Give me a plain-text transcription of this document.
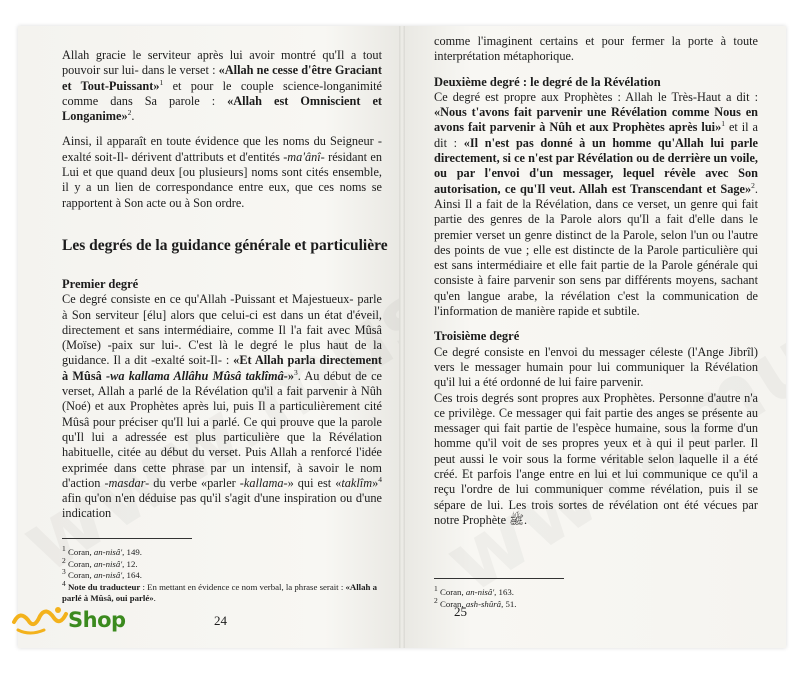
Allah gracie le serviteur après lui avoir montré qu'Il a tout pouvoir sur lui- dans le verset : «Allah ne cesse d'être Graciant et Tout-Puissant»$^1$ et pour le couple science-longanimité comme dans Sa parole : «Allah est Omniscient et Longanime»$^2$.

Ainsi, il apparaît en toute évidence que les noms du Seigneur -exalté soit-Il- dérivent d'attributs et d'entités -ma'ânî- résidant en Lui et que quand deux [ou plusieurs] noms sont cités ensemble, il y a un lien de correspondance entre eux, que ces noms se rapportent à Son acte ou à Son ordre.

Les degrés de la guidance générale et particulière
Premier degré

Ce degré consiste en ce qu'Allah -Puissant et Majestueux- parle à Son serviteur [élu] alors que celui-ci est dans un état d'éveil, directement et sans intermédiaire, comme Il l'a fait avec Mûsâ (Moïse) -paix sur lui-. C'est là le degré le plus haut de la guidance. Il a dit -exalté soit-Il- : «Et Allah parla directement à Mûsâ -wa kallama Allâhu Mûsâ taklîmâ-»$^3$. Au début de ce verset, Allah a parlé de la Révélation qu'il a fait parvenir à Nûh (Noé) et aux Prophètes après lui, puis Il a particulièrement cité Mûsâ pour préciser qu'Il lui a parlé. Ce qui prouve que la parole qu'Il lui a adressée est plus particulière que la Révélation habituelle, citée au début du verset. Puis Allah a renforcé l'idée exprimée dans cette phrase par un intensif, à savoir le nom d'action -masdar- du verbe «parler -kallama-» qui est «taklîm»$^4$ afin qu'on n'en déduise pas qu'il s'agit d'une inspiration ou d'une indication

$^1$ Coran, an-nisâ', 149.
$^2$ Coran, an-nisâ', 12.
$^3$ Coran, an-nisâ', 164.
$^4$ Note du traducteur : En mettant en évidence ce nom verbal, la phrase serait : «Allah a parlé à Mûsâ, oui parlé».
24

comme l'imaginent certains et pour fermer la porte à toute interprétation métaphorique.

Deuxième degré : le degré de la Révélation

Ce degré est propre aux Prophètes : Allah le Très-Haut a dit : «Nous t'avons fait parvenir une Révélation comme Nous en avons fait parvenir à Nûh et aux Prophètes après lui»$^1$ et il a dit : «Il n'est pas donné à un homme qu'Allah lui parle directement, si ce n'est par Révélation ou de derrière un voile, ou par l'envoi d'un messager, lequel révèle avec Son autorisation, ce qu'Il veut. Allah est Transcendant et Sage»$^2$. Ainsi Il a fait de la Révélation, dans ce verset, un genre qui fait partie des genres de la Parole alors qu'Il a fait d'elle dans le premier verset un genre distinct de la Parole, selon l'un ou l'autre des points de vue ; elle est distincte de la Parole particulière qui est sans intermédiaire et elle fait partie de la Parole générale qui consiste à faire parvenir son sens par différents moyens, sachant qu'en langue arabe, la révélation c'est la communication de l'information de manière rapide et subtile.

Troisième degré

Ce degré consiste en l'envoi du messager céleste (l'Ange Jibrîl) vers le messager humain pour lui communiquer la Révélation qu'il lui a été ordonné de lui faire parvenir.

Ces trois degrés sont propres aux Prophètes. Personne d'autre n'a ce privilège. Ce messager qui fait partie des anges se présente au messager qui fait partie de l'espèce humaine, sous la forme d'un homme qu'il voit de ses propres yeux et à qui il peut parler. Il peut aussi le voir sous la forme véritable selon laquelle il a été créé. Et parfois l'ange entre en lui et lui communique ce qu'il a reçu l'ordre de lui communiquer comme révélation, puis il se sépare de lui. Les trois sortes de révélation ont été vécues par notre Prophète ﷺ.

$^1$ Coran, an-nisâ', 163.
$^2$ Coran, ash-shûrâ, 51.
25
Shop
